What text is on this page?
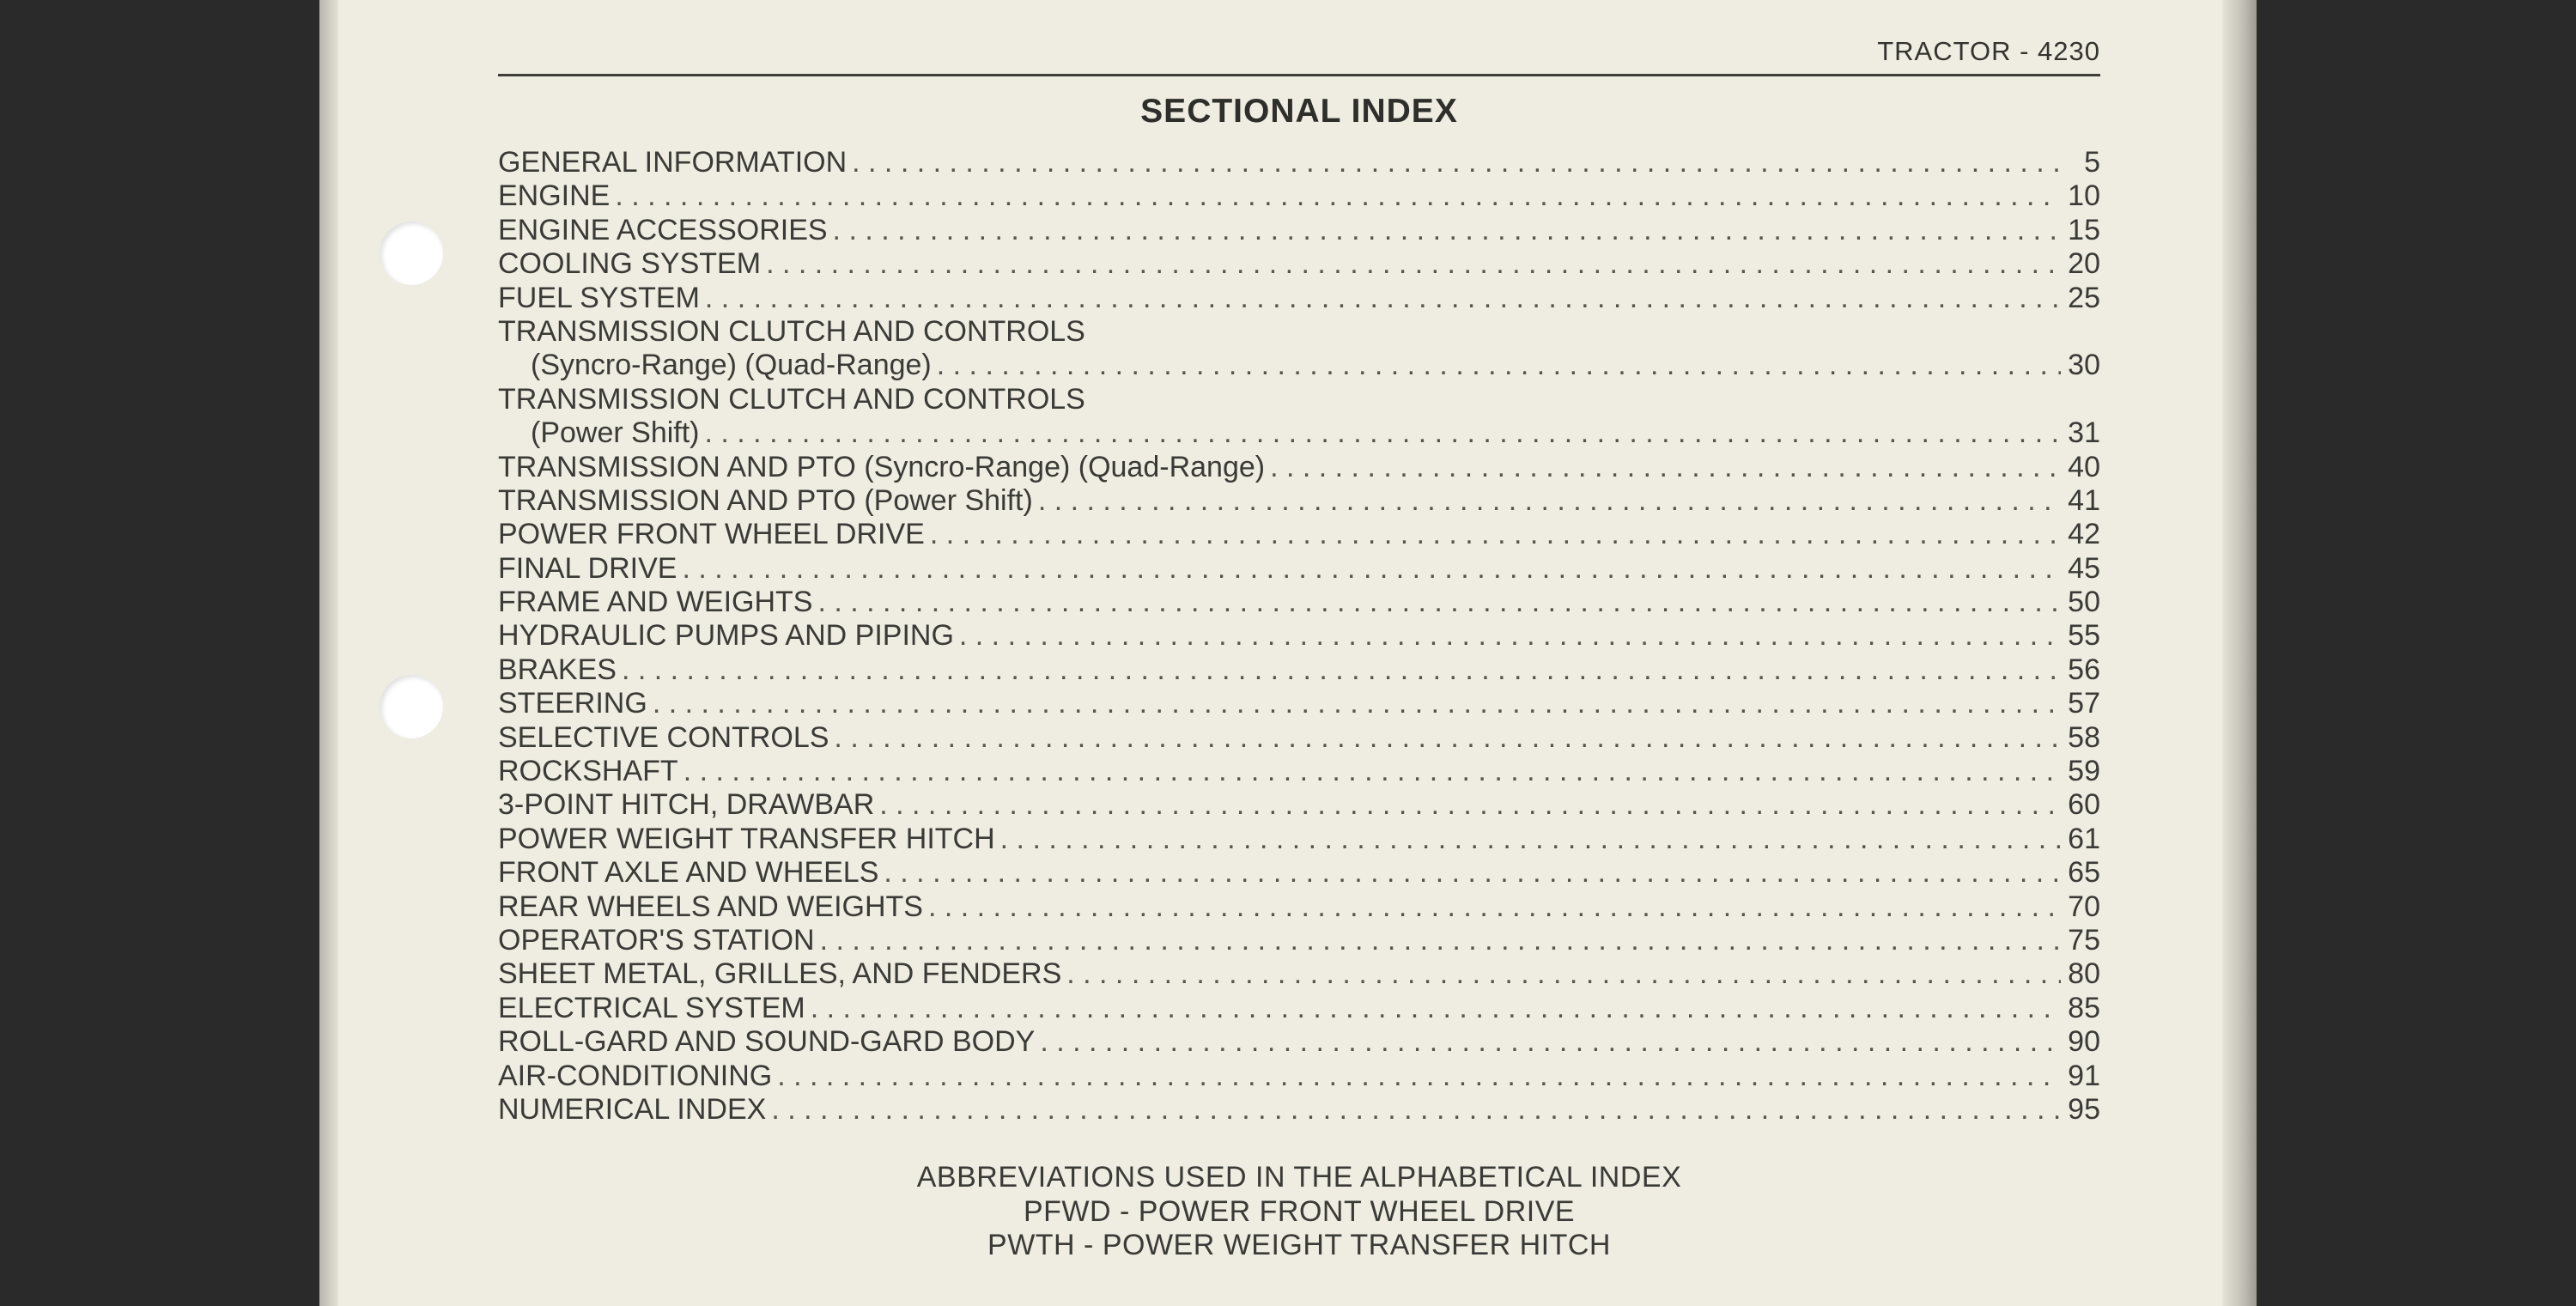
TRACTOR - 4230
SECTIONAL INDEX
GENERAL INFORMATION . . .	5
ENGINE . . .	10
ENGINE ACCESSORIES . . .	15
COOLING SYSTEM . . .	20
FUEL SYSTEM . . .	25
TRANSMISSION CLUTCH AND CONTROLS
(Syncro-Range) (Quad-Range) . . .	30
TRANSMISSION CLUTCH AND CONTROLS
(Power Shift) . . .	31
TRANSMISSION AND PTO (Syncro-Range) (Quad-Range) . . .	40
TRANSMISSION AND PTO (Power Shift) . . .	41
POWER FRONT WHEEL DRIVE . . .	42
FINAL DRIVE . . .	45
FRAME AND WEIGHTS . . .	50
HYDRAULIC PUMPS AND PIPING . . .	55
BRAKES . . .	56
STEERING . . .	57
SELECTIVE CONTROLS . . .	58
ROCKSHAFT . . .	59
3-POINT HITCH, DRAWBAR . . .	60
POWER WEIGHT TRANSFER HITCH . . .	61
FRONT AXLE AND WHEELS . . .	65
REAR WHEELS AND WEIGHTS . . .	70
OPERATOR'S STATION . . .	75
SHEET METAL, GRILLES, AND FENDERS . . .	80
ELECTRICAL SYSTEM . . .	85
ROLL-GARD AND SOUND-GARD BODY . . .	90
AIR-CONDITIONING . . .	91
NUMERICAL INDEX . . .	95
ABBREVIATIONS USED IN THE ALPHABETICAL INDEX
PFWD - POWER FRONT WHEEL DRIVE
PWTH - POWER WEIGHT TRANSFER HITCH
